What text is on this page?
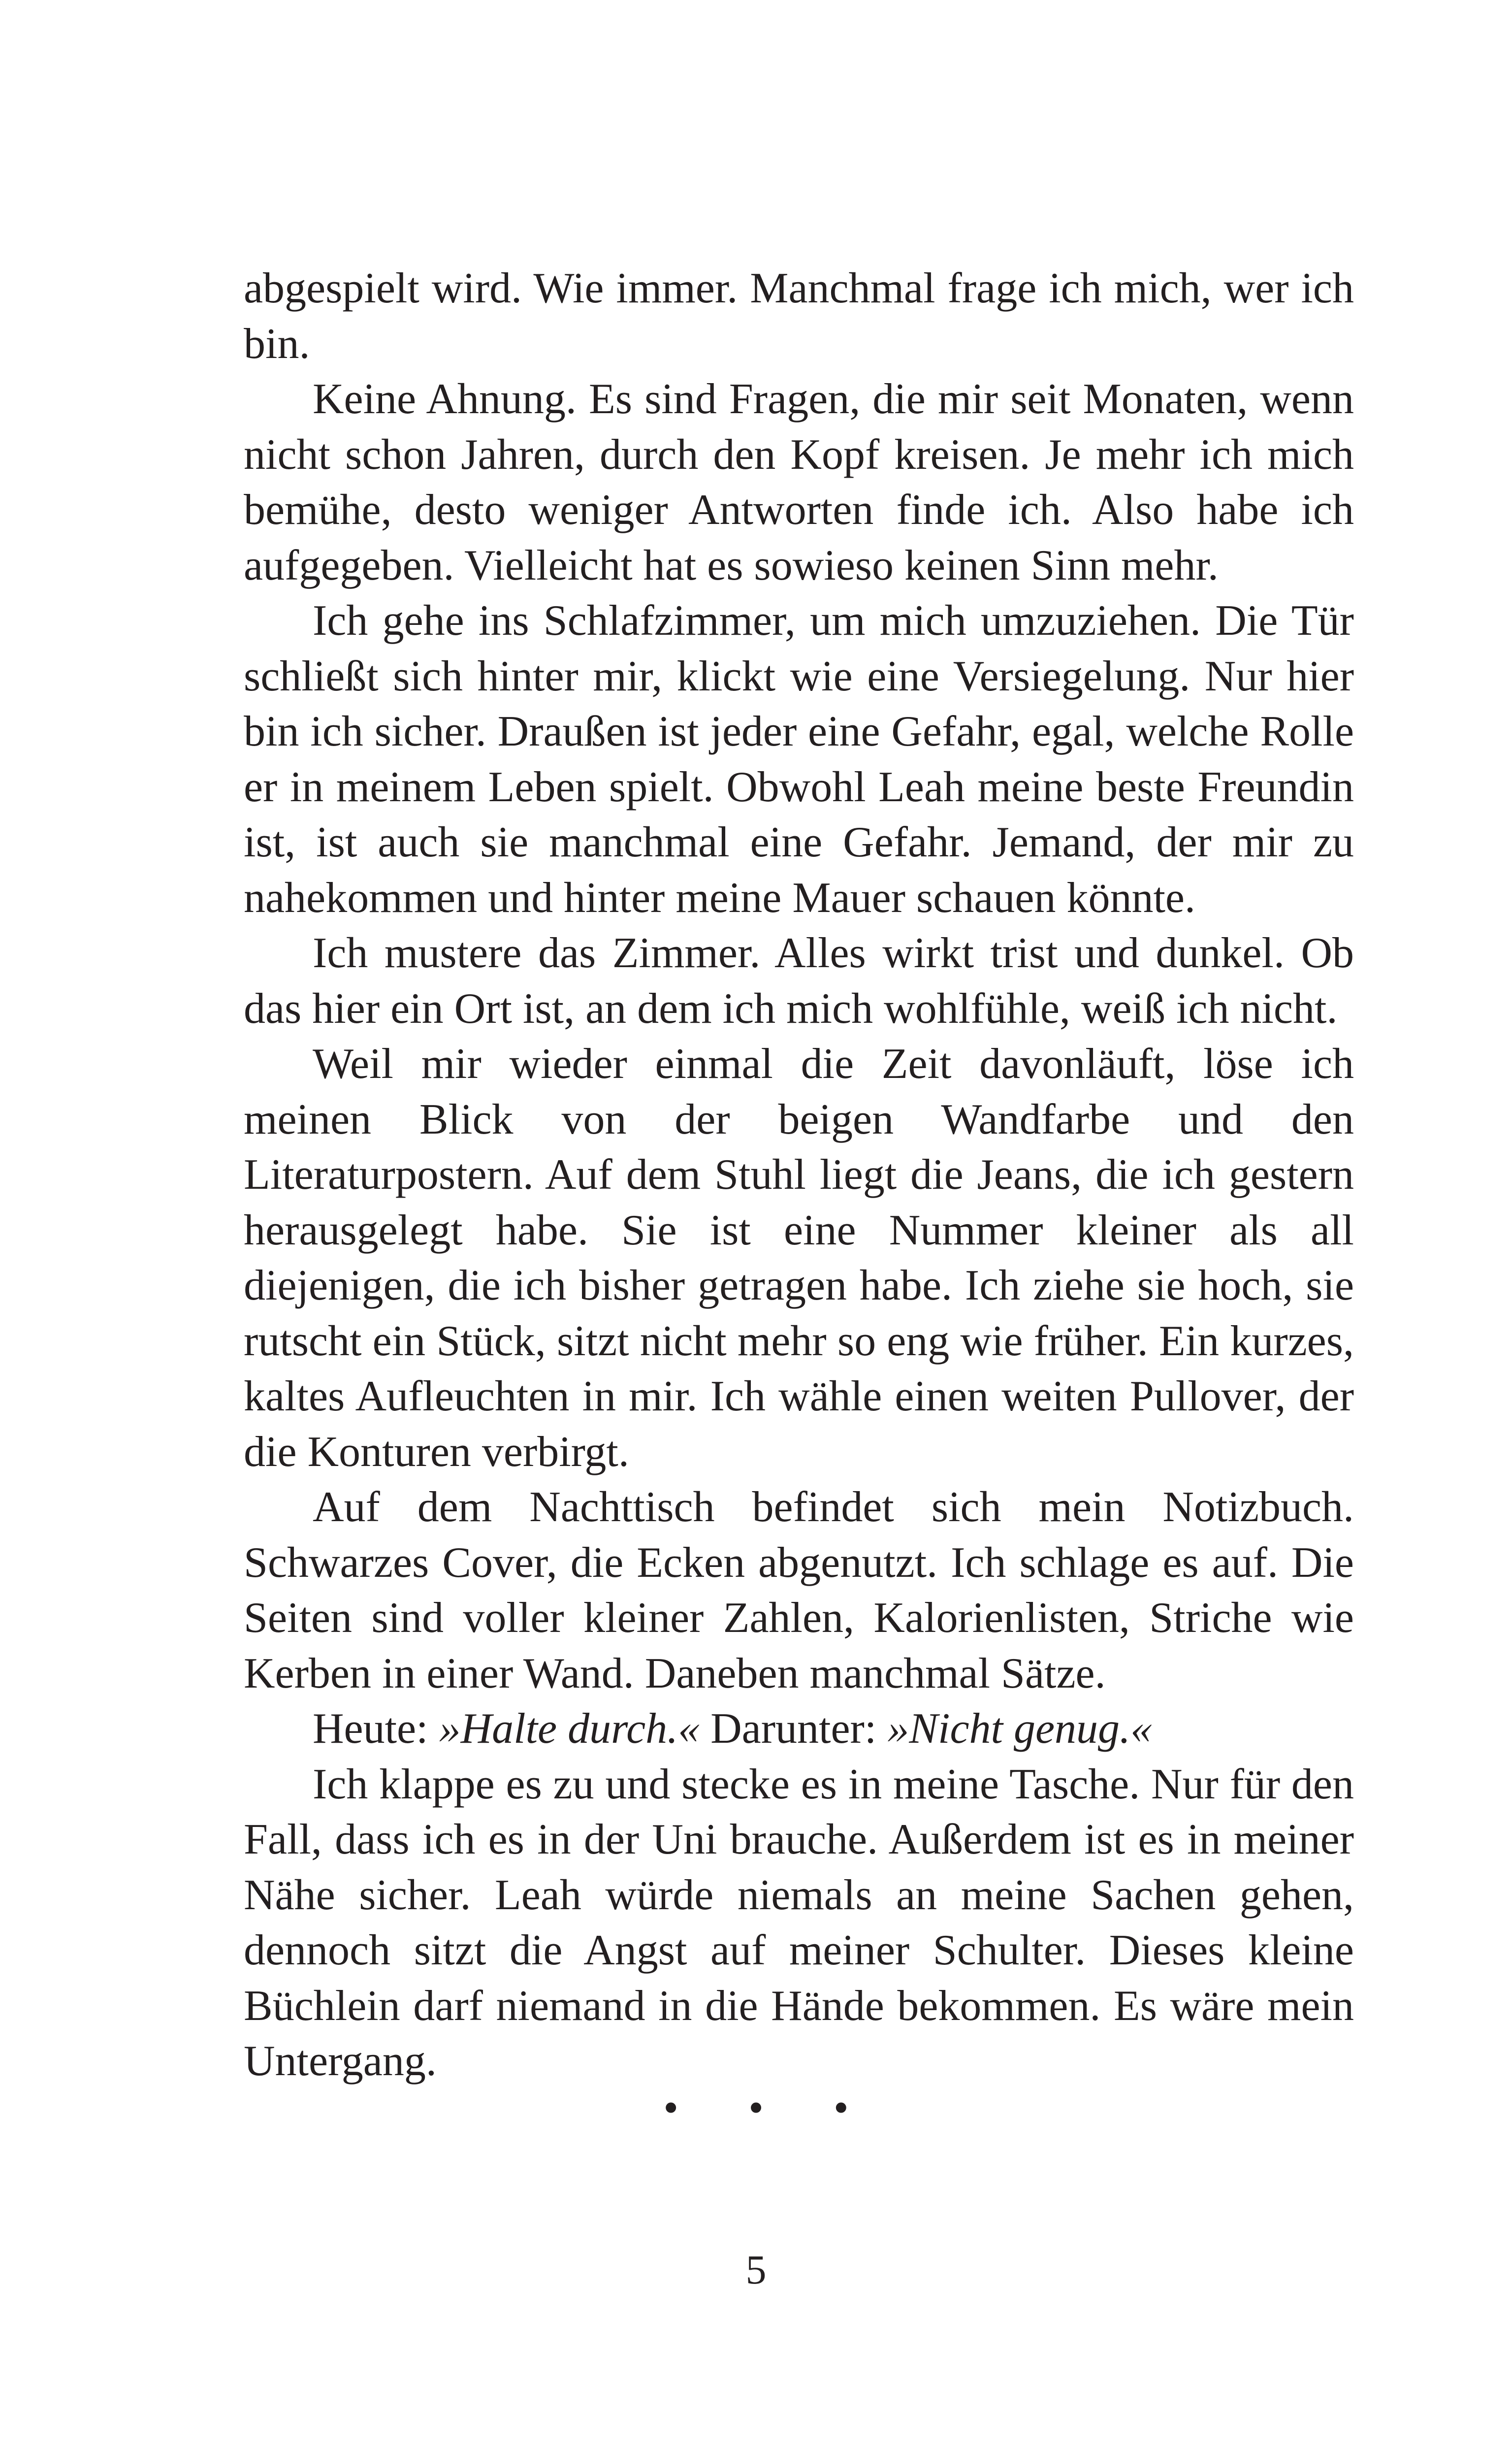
abgespielt wird. Wie immer. Manchmal frage ich mich, wer ich bin.

Keine Ahnung. Es sind Fragen, die mir seit Monaten, wenn nicht schon Jahren, durch den Kopf kreisen. Je mehr ich mich bemühe, desto weniger Antworten finde ich. Also habe ich aufgegeben. Vielleicht hat es sowieso keinen Sinn mehr.

Ich gehe ins Schlafzimmer, um mich umzuziehen. Die Tür schließt sich hinter mir, klickt wie eine Versiegelung. Nur hier bin ich sicher. Draußen ist jeder eine Gefahr, egal, welche Rolle er in meinem Leben spielt. Obwohl Leah meine beste Freundin ist, ist auch sie manchmal eine Gefahr. Jemand, der mir zu nahekommen und hinter meine Mauer schauen könnte.

Ich mustere das Zimmer. Alles wirkt trist und dunkel. Ob das hier ein Ort ist, an dem ich mich wohlfühle, weiß ich nicht.

Weil mir wieder einmal die Zeit davonläuft, löse ich meinen Blick von der beigen Wandfarbe und den Literaturpostern. Auf dem Stuhl liegt die Jeans, die ich gestern herausgelegt habe. Sie ist eine Nummer kleiner als all diejenigen, die ich bisher getragen habe. Ich ziehe sie hoch, sie rutscht ein Stück, sitzt nicht mehr so eng wie früher. Ein kurzes, kaltes Aufleuchten in mir. Ich wähle einen weiten Pullover, der die Konturen verbirgt.

Auf dem Nachttisch befindet sich mein Notizbuch. Schwarzes Cover, die Ecken abgenutzt. Ich schlage es auf. Die Seiten sind voller kleiner Zahlen, Kalorienlisten, Striche wie Kerben in einer Wand. Daneben manchmal Sätze.

Heute: »Halte durch.« Darunter: »Nicht genug.«

Ich klappe es zu und stecke es in meine Tasche. Nur für den Fall, dass ich es in der Uni brauche. Außerdem ist es in meiner Nähe sicher. Leah würde niemals an meine Sachen gehen, dennoch sitzt die Angst auf meiner Schulter. Dieses kleine Büchlein darf niemand in die Hände bekommen. Es wäre mein Untergang.

• • •
5
